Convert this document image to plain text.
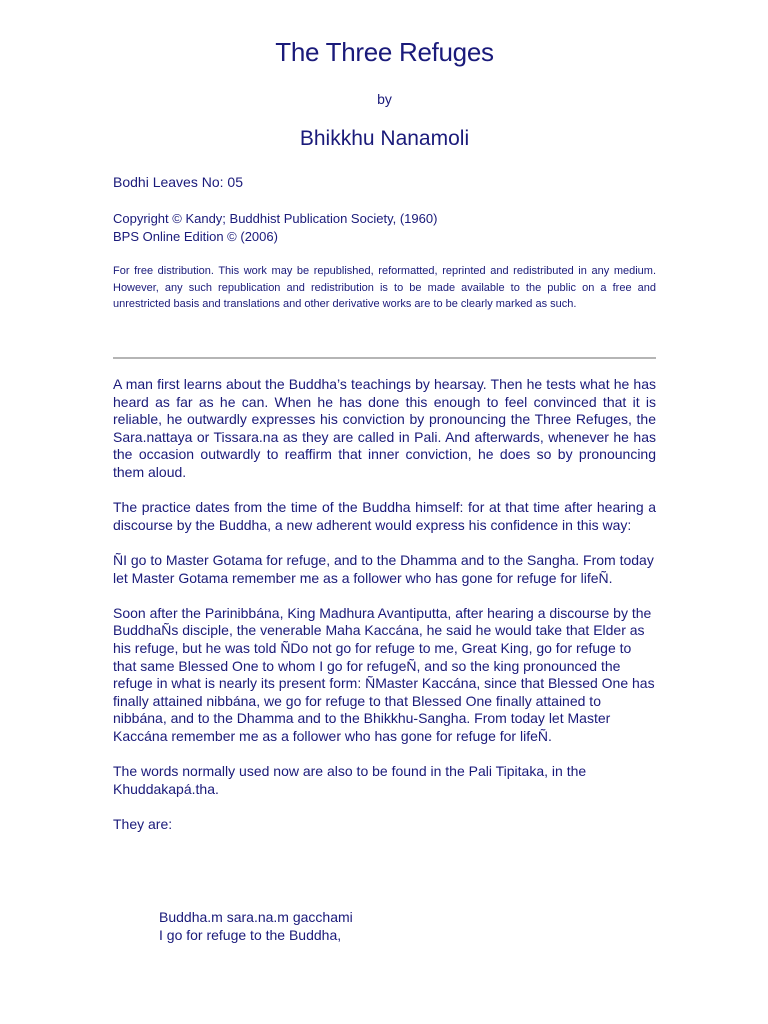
The Three Refuges
by
Bhikkhu Nanamoli
Bodhi Leaves No: 05
Copyright © Kandy; Buddhist Publication Society, (1960)
BPS Online Edition © (2006)
For free distribution. This work may be republished, reformatted, reprinted and redistributed in any medium. However, any such republication and redistribution is to be made available to the public on a free and unrestricted basis and translations and other derivative works are to be clearly marked as such.

A man first learns about the Buddha’s teachings by hearsay. Then he tests what he has heard as far as he can. When he has done this enough to feel convinced that it is reliable, he outwardly expresses his conviction by pronouncing the Three Refuges, the Sara.nattaya or Tissara.na as they are called in Pali. And afterwards, whenever he has the occasion outwardly to reaffirm that inner conviction, he does so by pronouncing them aloud.

The practice dates from the time of the Buddha himself: for at that time after hearing a discourse by the Buddha, a new adherent would express his confidence in this way:

ÑI go to Master Gotama for refuge, and to the Dhamma and to the Sangha. From today let Master Gotama remember me as a follower who has gone for refuge for lifeÑ.

Soon after the Parinibbána, King Madhura Avantiputta, after hearing a discourse by the BuddhaÑs disciple, the venerable Maha Kaccána, he said he would take that Elder as his refuge, but he was told ÑDo not go for refuge to me, Great King, go for refuge to that same Blessed One to whom I go for refugeÑ, and so the king pronounced the refuge in what is nearly its present form: ÑMaster Kaccána, since that Blessed One has finally attained nibbána, we go for refuge to that Blessed One finally attained to nibbána, and to the Dhamma and to the Bhikkhu-Sangha. From today let Master Kaccána remember me as a follower who has gone for refuge for lifeÑ.

The words normally used now are also to be found in the Pali Tipitaka, in the Khuddakapá.tha.

They are:

Buddha.m sara.na.m gacchami
I go for refuge to the Buddha,
